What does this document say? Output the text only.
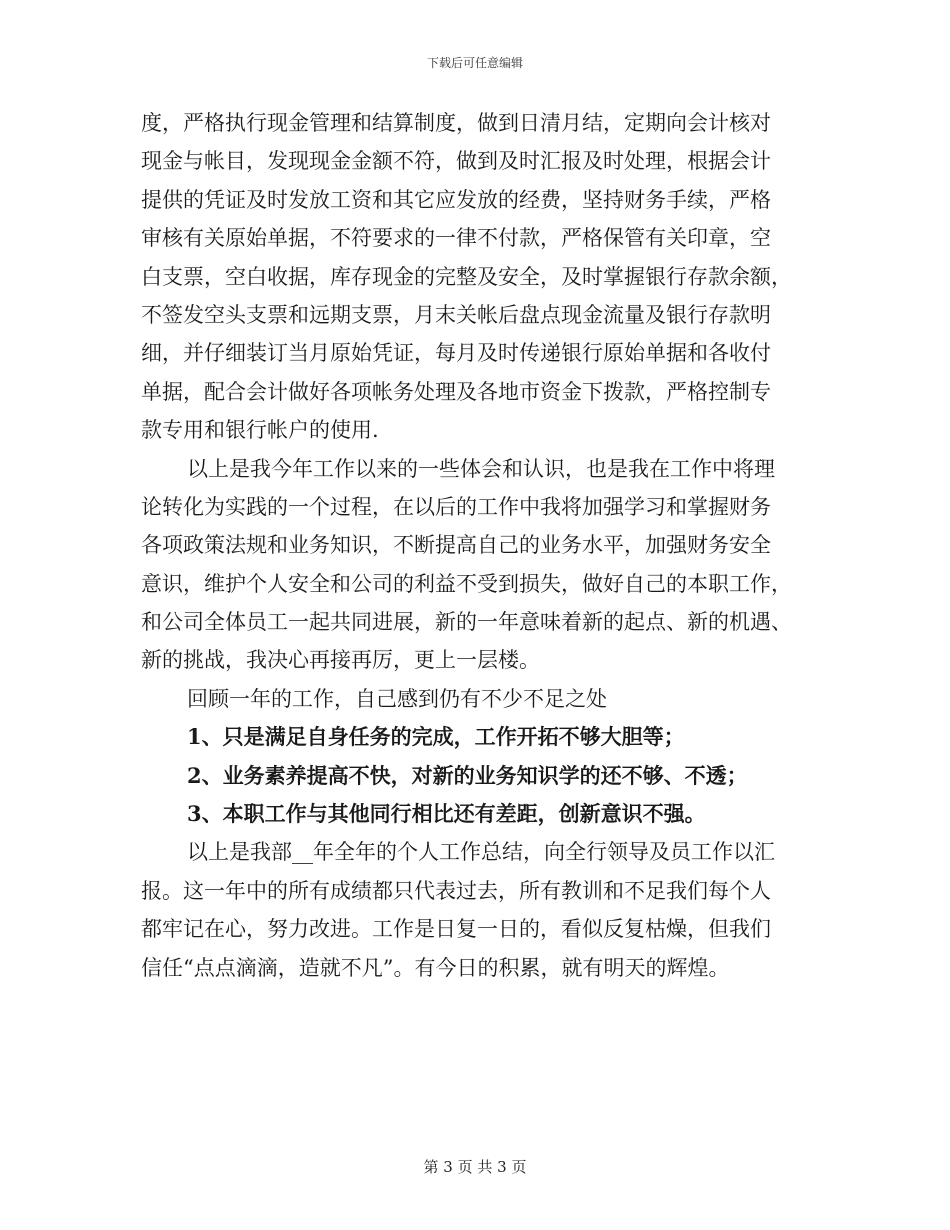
下载后可任意编辑
度，严格执行现金管理和结算制度，做到日清月结，定期向会计核对
现金与帐目，发现现金金额不符，做到及时汇报及时处理，根据会计
提供的凭证及时发放工资和其它应发放的经费，坚持财务手续，严格
审核有关原始单据，不符要求的一律不付款，严格保管有关印章，空
白支票，空白收据，库存现金的完整及安全，及时掌握银行存款余额，
不签发空头支票和远期支票，月末关帐后盘点现金流量及银行存款明
细，并仔细装订当月原始凭证，每月及时传递银行原始单据和各收付
单据，配合会计做好各项帐务处理及各地市资金下拨款，严格控制专
款专用和银行帐户的使用.
以上是我今年工作以来的一些体会和认识，也是我在工作中将理
论转化为实践的一个过程，在以后的工作中我将加强学习和掌握财务
各项政策法规和业务知识，不断提高自己的业务水平，加强财务安全
意识，维护个人安全和公司的利益不受到损失，做好自己的本职工作，
和公司全体员工一起共同进展，新的一年意味着新的起点、新的机遇、
新的挑战，我决心再接再厉，更上一层楼。
回顾一年的工作，自己感到仍有不少不足之处
1、只是满足自身任务的完成，工作开拓不够大胆等；
2、业务素养提高不快，对新的业务知识学的还不够、不透；
3、本职工作与其他同行相比还有差距，创新意识不强。
以上是我部__年全年的个人工作总结，向全行领导及员工作以汇
报。这一年中的所有成绩都只代表过去，所有教训和不足我们每个人
都牢记在心，努力改进。工作是日复一日的，看似反复枯燥，但我们
信任“点点滴滴，造就不凡”。有今日的积累，就有明天的辉煌。
第 3 页 共 3 页
